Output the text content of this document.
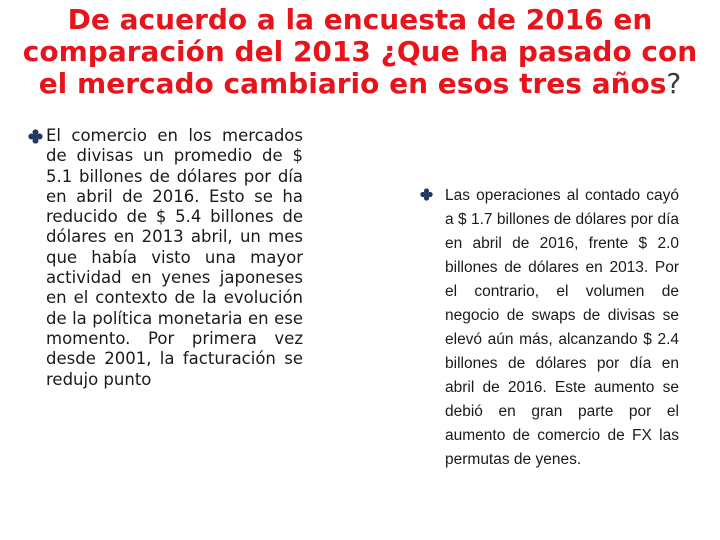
De acuerdo a la encuesta de 2016 en comparación del 2013 ¿Que ha pasado con el mercado cambiario en esos tres años?
El comercio en los mercados de divisas un promedio de $ 5.1 billones de dólares por día en abril de 2016. Esto se ha reducido de $ 5.4 billones de dólares en 2013 abril, un mes que había visto una mayor actividad en yenes japoneses en el contexto de la evolución de la política monetaria en ese momento. Por primera vez desde 2001, la facturación se redujo punto
Las operaciones al contado cayó a $ 1.7 billones de dólares por día en abril de 2016, frente $ 2.0 billones de dólares en 2013. Por el contrario, el volumen de negocio de swaps de divisas se elevó aún más, alcanzando $ 2.4 billones de dólares por día en abril de 2016. Este aumento se debió en gran parte por el aumento de comercio de FX las permutas de yenes.
